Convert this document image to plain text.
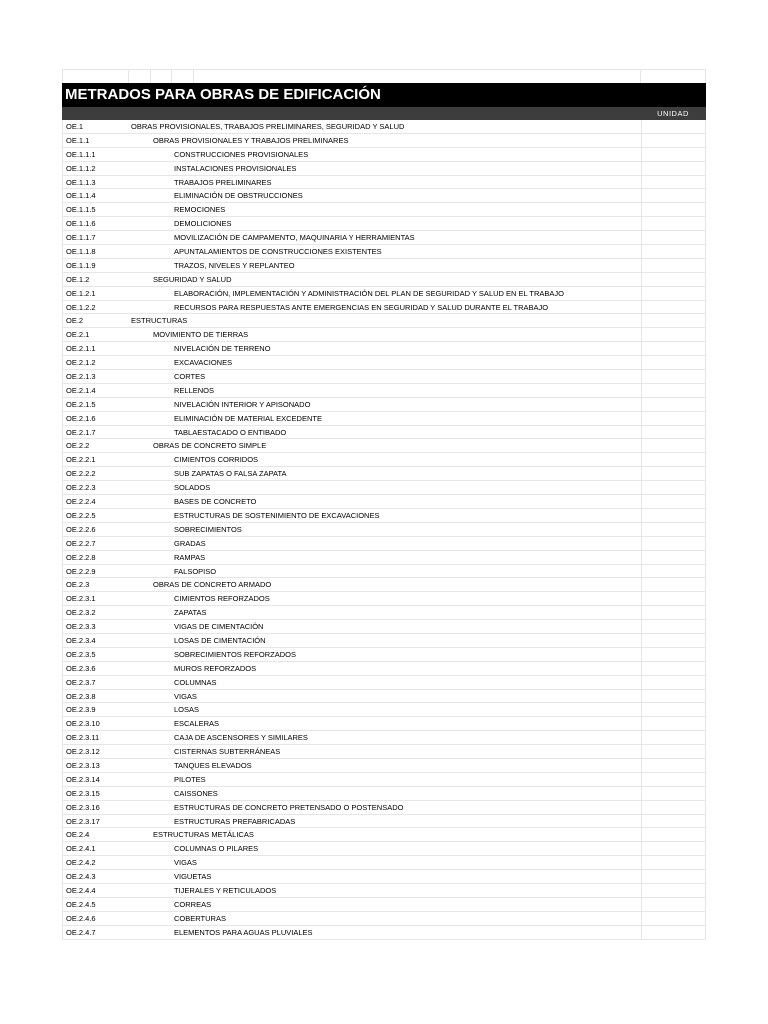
METRADOS PARA OBRAS DE EDIFICACIÓN
UNIDAD
OE.1	OBRAS PROVISIONALES, TRABAJOS PRELIMINARES, SEGURIDAD Y SALUD
OE.1.1	OBRAS PROVISIONALES Y TRABAJOS PRELIMINARES
OE.1.1.1	CONSTRUCCIONES PROVISIONALES
OE.1.1.2	INSTALACIONES PROVISIONALES
OE.1.1.3	TRABAJOS PRELIMINARES
OE.1.1.4	ELIMINACIÓN DE OBSTRUCCIONES
OE.1.1.5	REMOCIONES
OE.1.1.6	DEMOLICIONES
OE.1.1.7	MOVILIZACIÓN DE CAMPAMENTO, MAQUINARIA Y HERRAMIENTAS
OE.1.1.8	APUNTALAMIENTOS DE CONSTRUCCIONES EXISTENTES
OE.1.1.9	TRAZOS, NIVELES Y REPLANTEO
OE.1.2	SEGURIDAD Y SALUD
OE.1.2.1	ELABORACIÓN, IMPLEMENTACIÓN Y ADMINISTRACIÓN DEL PLAN DE SEGURIDAD Y SALUD EN EL TRABAJO
OE.1.2.2	RECURSOS PARA RESPUESTAS ANTE EMERGENCIAS EN SEGURIDAD Y SALUD DURANTE EL TRABAJO
OE.2	ESTRUCTURAS
OE.2.1	MOVIMIENTO DE TIERRAS
OE.2.1.1	NIVELACIÓN DE TERRENO
OE.2.1.2	EXCAVACIONES
OE.2.1.3	CORTES
OE.2.1.4	RELLENOS
OE.2.1.5	NIVELACIÓN INTERIOR Y APISONADO
OE.2.1.6	ELIMINACIÓN DE MATERIAL EXCEDENTE
OE.2.1.7	TABLAESTACADO O ENTIBADO
OE.2.2	OBRAS DE CONCRETO SIMPLE
OE.2.2.1	CIMIENTOS CORRIDOS
OE.2.2.2	SUB ZAPATAS O FALSA ZAPATA
OE.2.2.3	SOLADOS
OE.2.2.4	BASES DE CONCRETO
OE.2.2.5	ESTRUCTURAS DE SOSTENIMIENTO DE EXCAVACIONES
OE.2.2.6	SOBRECIMIENTOS
OE.2.2.7	GRADAS
OE.2.2.8	RAMPAS
OE.2.2.9	FALSOPISO
OE.2.3	OBRAS DE CONCRETO ARMADO
OE.2.3.1	CIMIENTOS REFORZADOS
OE.2.3.2	ZAPATAS
OE.2.3.3	VIGAS DE CIMENTACIÓN
OE.2.3.4	LOSAS DE CIMENTACIÓN
OE.2.3.5	SOBRECIMIENTOS REFORZADOS
OE.2.3.6	MUROS REFORZADOS
OE.2.3.7	COLUMNAS
OE.2.3.8	VIGAS
OE.2.3.9	LOSAS
OE.2.3.10	ESCALERAS
OE.2.3.11	CAJA DE ASCENSORES Y SIMILARES
OE.2.3.12	CISTERNAS SUBTERRÁNEAS
OE.2.3.13	TANQUES ELEVADOS
OE.2.3.14	PILOTES
OE.2.3.15	CAISSONES
OE.2.3.16	ESTRUCTURAS DE CONCRETO PRETENSADO O POSTENSADO
OE.2.3.17	ESTRUCTURAS PREFABRICADAS
OE.2.4	ESTRUCTURAS METÁLICAS
OE.2.4.1	COLUMNAS O PILARES
OE.2.4.2	VIGAS
OE.2.4.3	VIGUETAS
OE.2.4.4	TIJERALES Y RETICULADOS
OE.2.4.5	CORREAS
OE.2.4.6	COBERTURAS
OE.2.4.7	ELEMENTOS PARA AGUAS PLUVIALES
